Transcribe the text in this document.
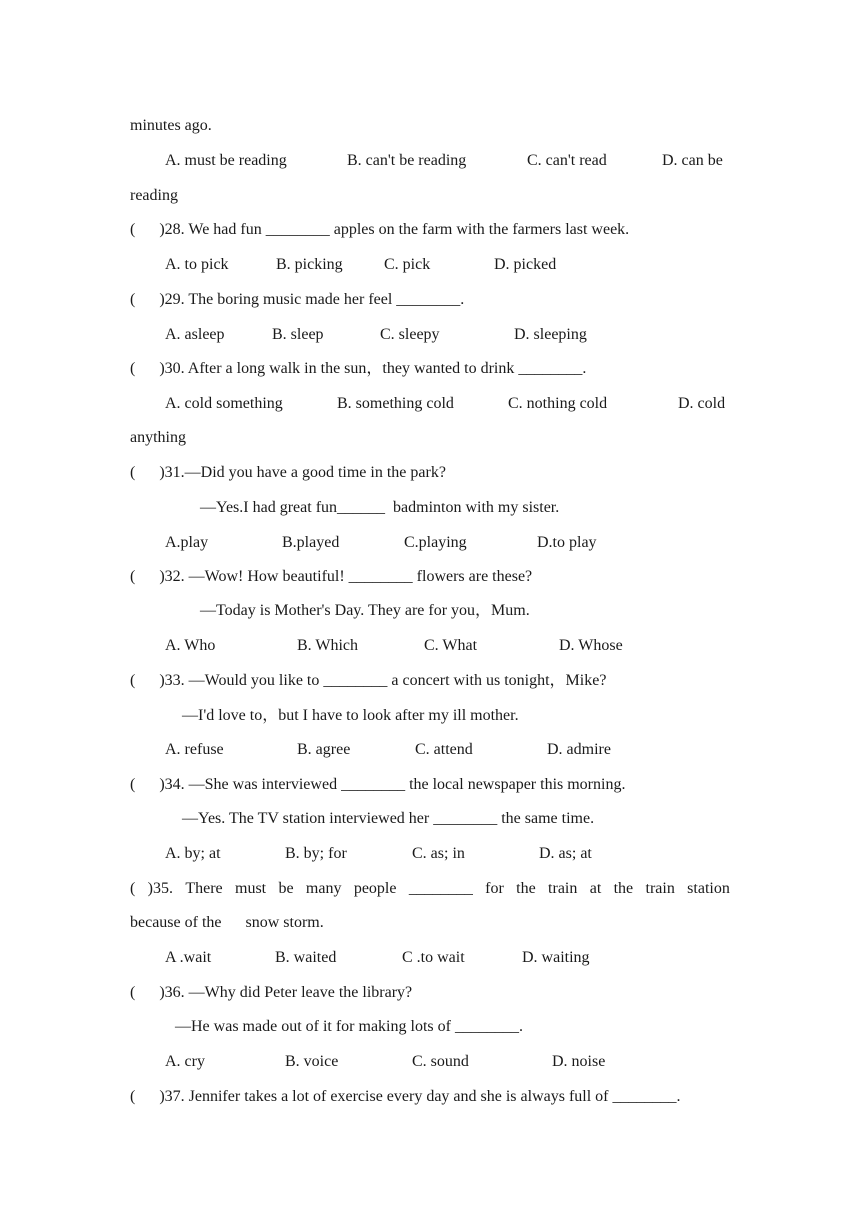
minutes ago.
A. must be reading	B. can't be reading	C. can't read	D. can be
reading
(      )28. We had fun ________ apples on the farm with the farmers last week.
A. to pick	B. picking	C. pick	D. picked
(      )29. The boring music made her feel ________.
A. asleep	B. sleep	C. sleepy	D. sleeping
(      )30. After a long walk in the sun，they wanted to drink ________.
A. cold something	B. something cold	C. nothing cold	D. cold
anything
(      )31.—Did you have a good time in the park?
—Yes.I had great fun______  badminton with my sister.
A.play	B.played	C.playing	D.to play
(      )32. —Wow! How beautiful! ________ flowers are these?
—Today is Mother's Day. They are for you，Mum.
A. Who	B. Which	C. What	D. Whose
(      )33. —Would you like to ________ a concert with us tonight，Mike?
—I'd love to，but I have to look after my ill mother.
A. refuse	B. agree	C. attend	D. admire
(      )34. —She was interviewed ________ the local newspaper this morning.
—Yes. The TV station interviewed her ________ the same time.
A. by; at	B. by; for	C. as; in	D. as; at
( )35. There must be many people ________ for the train at the train station
because of the      snow storm.
A .wait	B. waited	C .to wait	D. waiting
(      )36. —Why did Peter leave the library?
—He was made out of it for making lots of ________.
A. cry	B. voice	C. sound	D. noise
(      )37. Jennifer takes a lot of exercise every day and she is always full of ________.
